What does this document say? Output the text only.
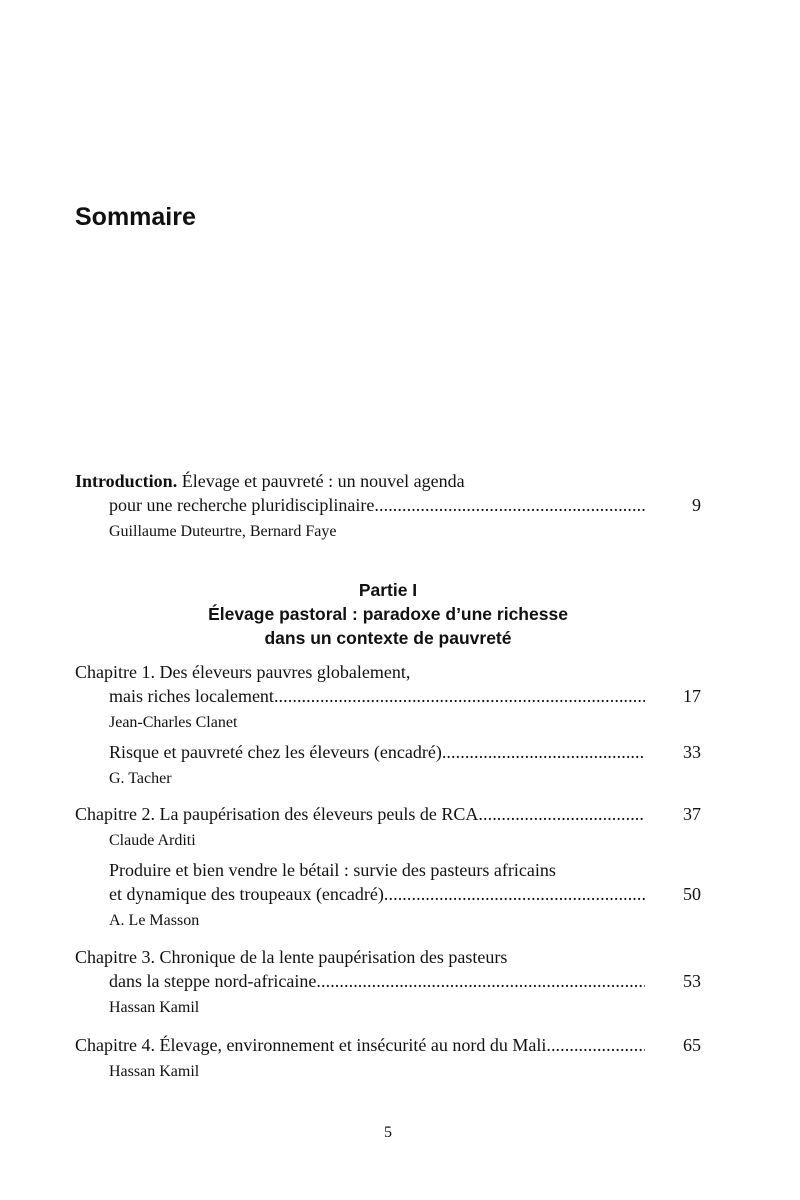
Sommaire
Introduction. Élevage et pauvreté : un nouvel agenda
pour une recherche pluridisciplinaire . . .	9
Guillaume Duteurtre, Bernard Faye
Partie I
Élevage pastoral : paradoxe d’une richesse
dans un contexte de pauvreté
Chapitre 1. Des éleveurs pauvres globalement,
mais riches localement . . .	17
Jean-Charles Clanet
Risque et pauvreté chez les éleveurs (encadré) . . .	33
G. Tacher
Chapitre 2. La paupérisation des éleveurs peuls de RCA . . .	37
Claude Arditi
Produire et bien vendre le bétail : survie des pasteurs africains
et dynamique des troupeaux (encadré) . . .	50
A. Le Masson
Chapitre 3. Chronique de la lente paupérisation des pasteurs
dans la steppe nord-africaine . . .	53
Hassan Kamil
Chapitre 4. Élevage, environnement et insécurité au nord du Mali . . .	65
Hassan Kamil
5
